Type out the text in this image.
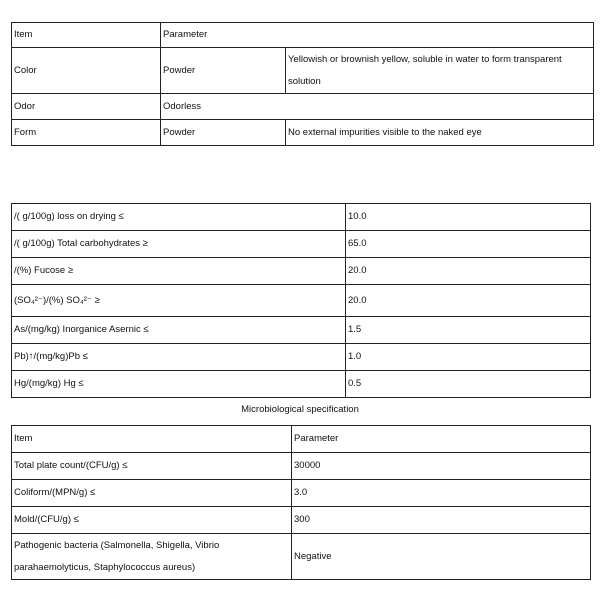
Item	Parameter	
Color	Powder	Yellowish or brownish yellow, soluble in water to form transparent solution
Odor	Odorless	
Form	Powder	No external impurities visible to the naked eye
/( g/100g) loss on drying ≤	10.0
/( g/100g) Total carbohydrates ≥	65.0
/(%) Fucose ≥	20.0
(SO₄²⁻)/(%) SO₄²⁻ ≥	20.0
As/(mg/kg) Inorganice Asernic ≤	1.5
Pb)↑/(mg/kg)Pb ≤	1.0
Hg/(mg/kg) Hg ≤	0.5
Microbiological specification
Item	Parameter
Total plate count/(CFU/g) ≤	30000
Coliform/(MPN/g) ≤	3.0
Mold/(CFU/g) ≤	300
Pathogenic bacteria (Salmonella, Shigella, Vibrio parahaemolyticus, Staphylococcus aureus)	Negative
